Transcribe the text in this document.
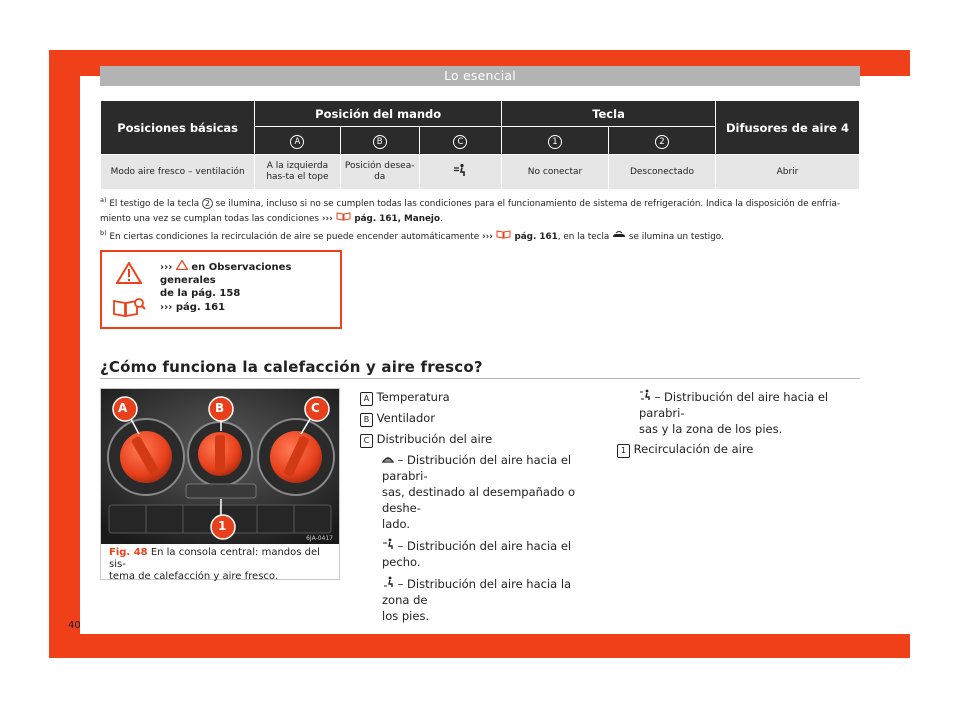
Lo esencial
Posiciones básicas	Posición del mando			Tecla		Difusores de aire 4
	A	B	C	1	2	
Modo aire fresco – ventilación	A la izquierda has-ta el tope	Posición desea-da		No conectar	Desconectado	Abrir
$^{a)}$ El testigo de la tecla 2 se ilumina, incluso si no se cumplen todas las condiciones para el funcionamiento de sistema de refrigeración. Indica la disposición de enfria-
miento una vez se cumplan todas las condiciones ››› pág. 161, Manejo.
$^{b)}$ En ciertas condiciones la recirculación de aire se puede encender automáticamente ››› pág. 161, en la tecla se ilumina un testigo.
››› en Observaciones generales
de la pág. 158
››› pág. 161
¿Cómo funciona la calefacción y aire fresco?
A	B	C
1
6JA-0417
Fig. 48 En la consola central: mandos del sis-
tema de calefacción y aire fresco.
A Temperatura
B Ventilador
C Distribución del aire
– Distribución del aire hacia el parabri-
sas, destinado al desempañado o deshe-
lado.
– Distribución del aire hacia el pecho.
– Distribución del aire hacia la zona de
los pies.
– Distribución del aire hacia el parabri-
sas y la zona de los pies.
1 Recirculación de aire
40
